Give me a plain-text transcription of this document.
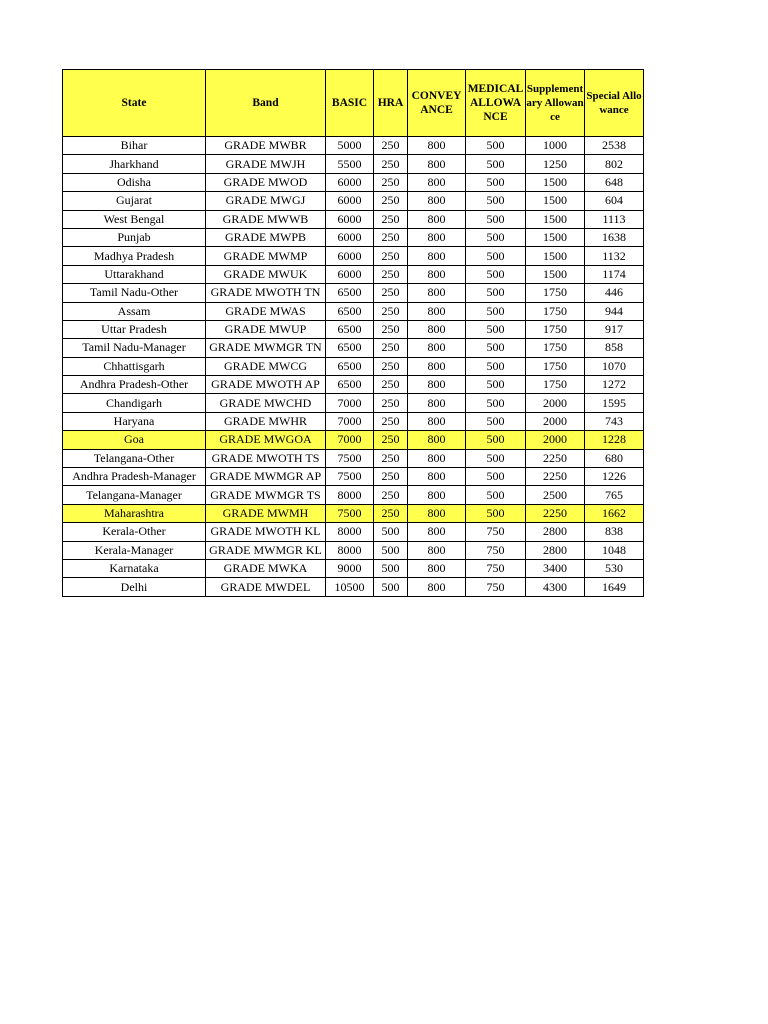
State	Band	BASIC	HRA	CONVEYANCE	MEDICAL ALLOWANCE	Supplementary Allowance	Special Allowance
Bihar	GRADE MWBR	5000	250	800	500	1000	2538
Jharkhand	GRADE MWJH	5500	250	800	500	1250	802
Odisha	GRADE MWOD	6000	250	800	500	1500	648
Gujarat	GRADE MWGJ	6000	250	800	500	1500	604
West Bengal	GRADE MWWB	6000	250	800	500	1500	1113
Punjab	GRADE MWPB	6000	250	800	500	1500	1638
Madhya Pradesh	GRADE MWMP	6000	250	800	500	1500	1132
Uttarakhand	GRADE MWUK	6000	250	800	500	1500	1174
Tamil Nadu-Other	GRADE MWOTH TN	6500	250	800	500	1750	446
Assam	GRADE MWAS	6500	250	800	500	1750	944
Uttar Pradesh	GRADE MWUP	6500	250	800	500	1750	917
Tamil Nadu-Manager	GRADE MWMGR TN	6500	250	800	500	1750	858
Chhattisgarh	GRADE MWCG	6500	250	800	500	1750	1070
Andhra Pradesh-Other	GRADE MWOTH AP	6500	250	800	500	1750	1272
Chandigarh	GRADE MWCHD	7000	250	800	500	2000	1595
Haryana	GRADE MWHR	7000	250	800	500	2000	743
Goa	GRADE MWGOA	7000	250	800	500	2000	1228
Telangana-Other	GRADE MWOTH TS	7500	250	800	500	2250	680
Andhra Pradesh-Manager	GRADE MWMGR AP	7500	250	800	500	2250	1226
Telangana-Manager	GRADE MWMGR TS	8000	250	800	500	2500	765
Maharashtra	GRADE MWMH	7500	250	800	500	2250	1662
Kerala-Other	GRADE MWOTH KL	8000	500	800	750	2800	838
Kerala-Manager	GRADE MWMGR KL	8000	500	800	750	2800	1048
Karnataka	GRADE MWKA	9000	500	800	750	3400	530
Delhi	GRADE MWDEL	10500	500	800	750	4300	1649
